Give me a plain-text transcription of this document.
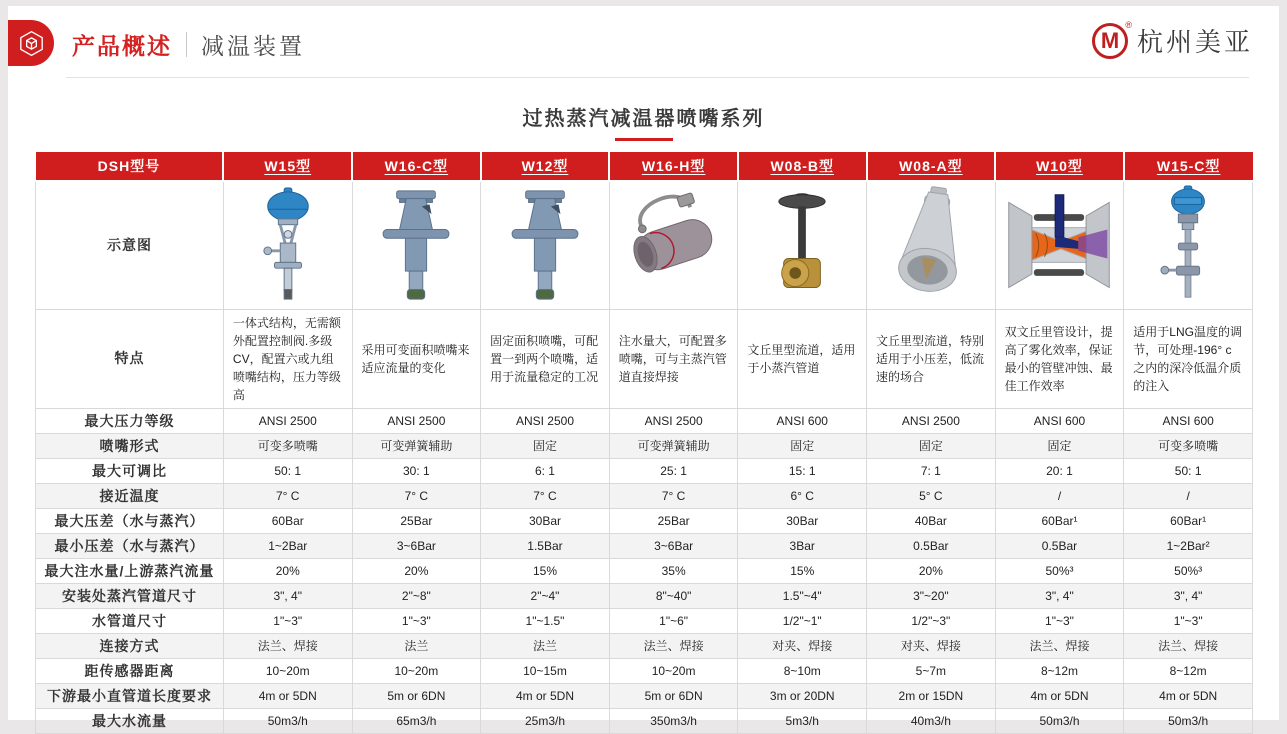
产品概述 减温装置	M
®
杭州美亚
过热蒸汽减温器喷嘴系列
DSH型号	W15型	W16-C型	W12型	W16-H型	W08-B型	W08-A型	W10型	W15-C型
示意图	

特点	一体式结构，无需额外配置控制阀.多级CV，配置六或九组喷嘴结构，压力等级高	采用可变面积喷嘴来适应流量的变化	固定面积喷嘴，可配置一到两个喷嘴，适用于流量稳定的工况	注水量大，可配置多喷嘴，可与主蒸汽管道直接焊接	文丘里型流道，适用于小蒸汽管道	文丘里型流道，特别适用于小压差，低流速的场合	双文丘里管设计，提高了雾化效率，保证最小的管壁冲蚀、最佳工作效率	适用于LNG温度的调节，可处理-196° c之内的深冷低温介质的注入
最大压力等级	ANSI 2500	ANSI 2500	ANSI 2500	ANSI 2500	ANSI 600	ANSI 2500	ANSI 600	ANSI 600
喷嘴形式	可变多喷嘴	可变弹簧辅助	固定	可变弹簧辅助	固定	固定	固定	可变多喷嘴
最大可调比	50: 1	30: 1	6: 1	25: 1	15: 1	7: 1	20: 1	50: 1
接近温度	7° C	7° C	7° C	7° C	6° C	5° C	/	/
最大压差（水与蒸汽）	60Bar	25Bar	30Bar	25Bar	30Bar	40Bar	60Bar¹	60Bar¹
最小压差（水与蒸汽）	1~2Bar	3~6Bar	1.5Bar	3~6Bar	3Bar	0.5Bar	0.5Bar	1~2Bar²
最大注水量/上游蒸汽流量	20%	20%	15%	35%	15%	20%	50%³	50%³
安装处蒸汽管道尺寸	3", 4"	2"~8"	2"~4"	8"~40"	1.5"~4"	3"~20"	3", 4"	3", 4"
水管道尺寸	1"~3"	1"~3"	1"~1.5"	1"~6"	1/2"~1"	1/2"~3"	1"~3"	1"~3"
连接方式	法兰、焊接	法兰	法兰	法兰、焊接	对夹、焊接	对夹、焊接	法兰、焊接	法兰、焊接
距传感器距离	10~20m	10~20m	10~15m	10~20m	8~10m	5~7m	8~12m	8~12m
下游最小直管道长度要求	4m or 5DN	5m or 6DN	4m or 5DN	5m or 6DN	3m or 20DN	2m or 15DN	4m or 5DN	4m or 5DN
最大水流量	50m3/h	65m3/h	25m3/h	350m3/h	5m3/h	40m3/h	50m3/h	50m3/h
